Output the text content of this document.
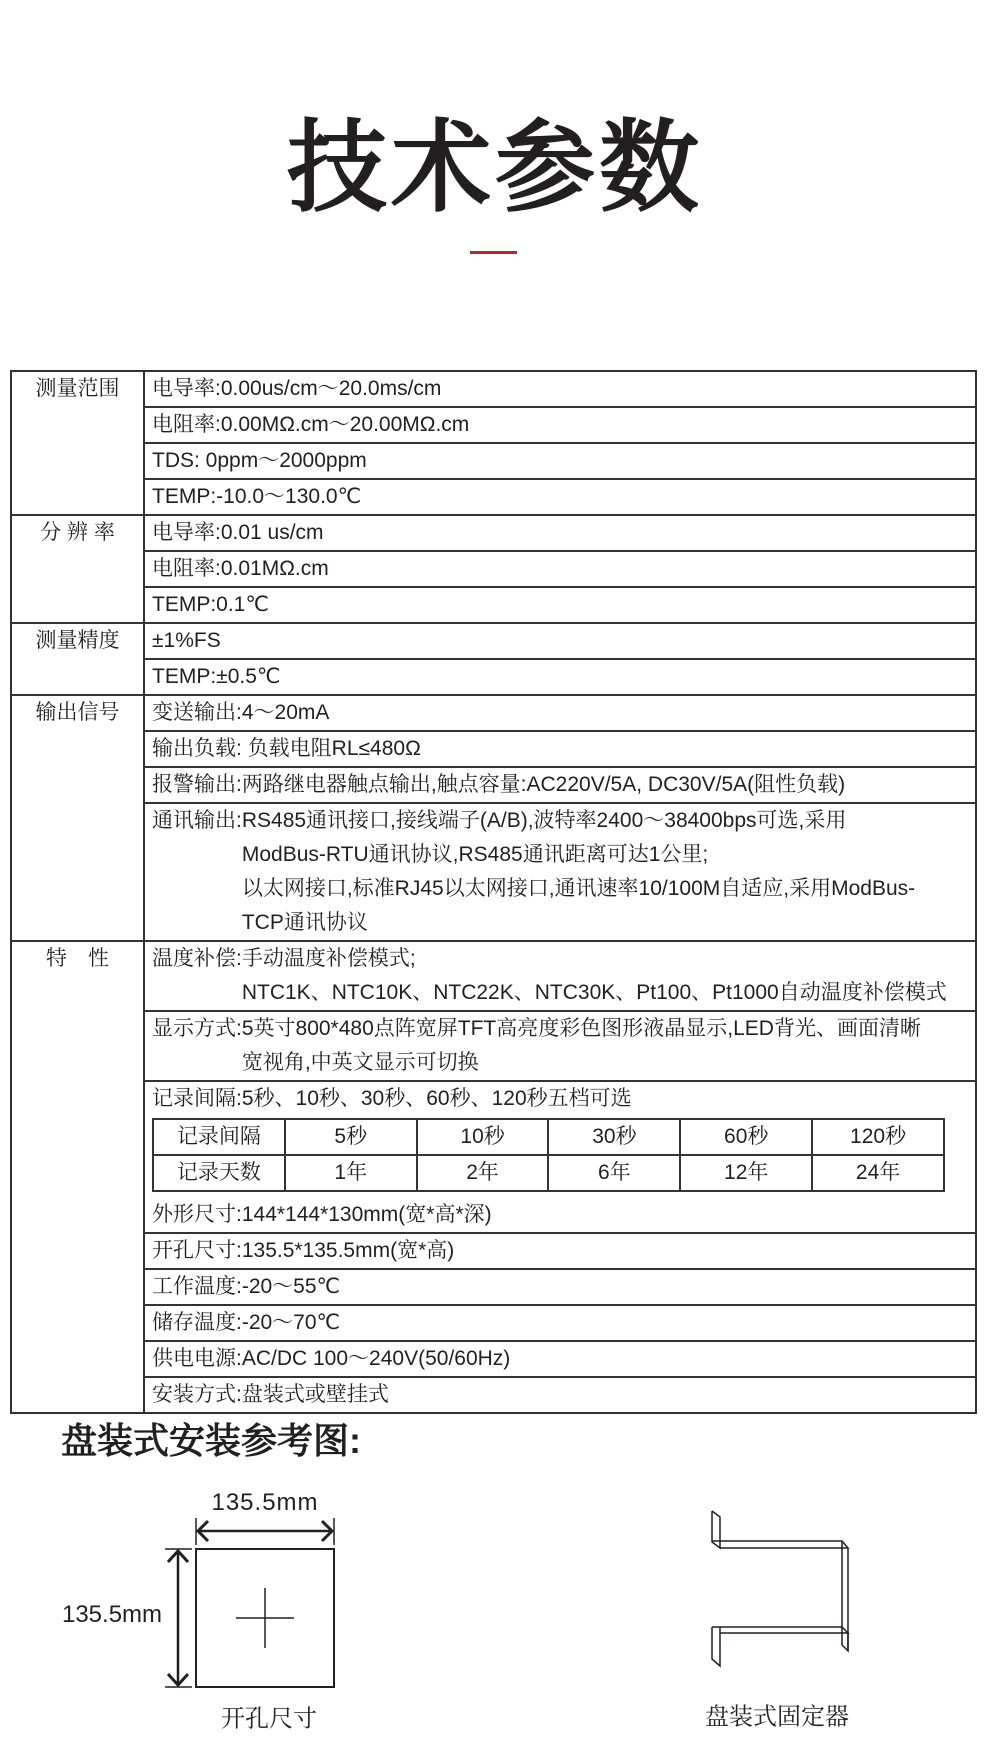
技术参数
测量范围	电导率:0.00us/cm～20.0ms/cm

电阻率:0.00MΩ.cm～20.00MΩ.cm

TDS: 0ppm～2000ppm

TEMP:-10.0～130.0℃

分 辨 率	电导率:0.01 us/cm

电阻率:0.01MΩ.cm

TEMP:0.1℃

测量精度	±1%FS

TEMP:±0.5℃

输出信号	变送输出:4～20mA

输出负载: 负载电阻RL≤480Ω

报警输出:两路继电器触点输出,触点容量:AC220V/5A, DC30V/5A(阻性负载)

通讯输出: RS485通讯接口,接线端子(A/B),波特率2400～38400bps可选,采用
ModBus-RTU通讯协议,RS485通讯距离可达1公里;
以太网接口,标准RJ45以太网接口,通讯速率10/100M自适应,采用ModBus-
TCP通讯协议

特　性	温度补偿: 手动温度补偿模式;
NTC1K、NTC10K、NTC22K、NTC30K、Pt100、Pt1000自动温度补偿模式

显示方式: 5英寸800*480点阵宽屏TFT高亮度彩色图形液晶显示,LED背光、画面清晰
宽视角,中英文显示可切换

记录间隔:5秒、10秒、30秒、60秒、120秒五档可选
记录间隔	5秒	10秒	30秒	60秒	120秒
记录天数	1年	2年	6年	12年	24年
外形尺寸:144*144*130mm(宽*高*深)

开孔尺寸:135.5*135.5mm(宽*高)

工作温度:-20～55℃

储存温度:-20～70℃

供电电源:AC/DC 100～240V(50/60Hz)

安装方式:盘装式或壁挂式
盘装式安装参考图:
135.5mm
135.5mm
开孔尺寸	盘装式固定器
